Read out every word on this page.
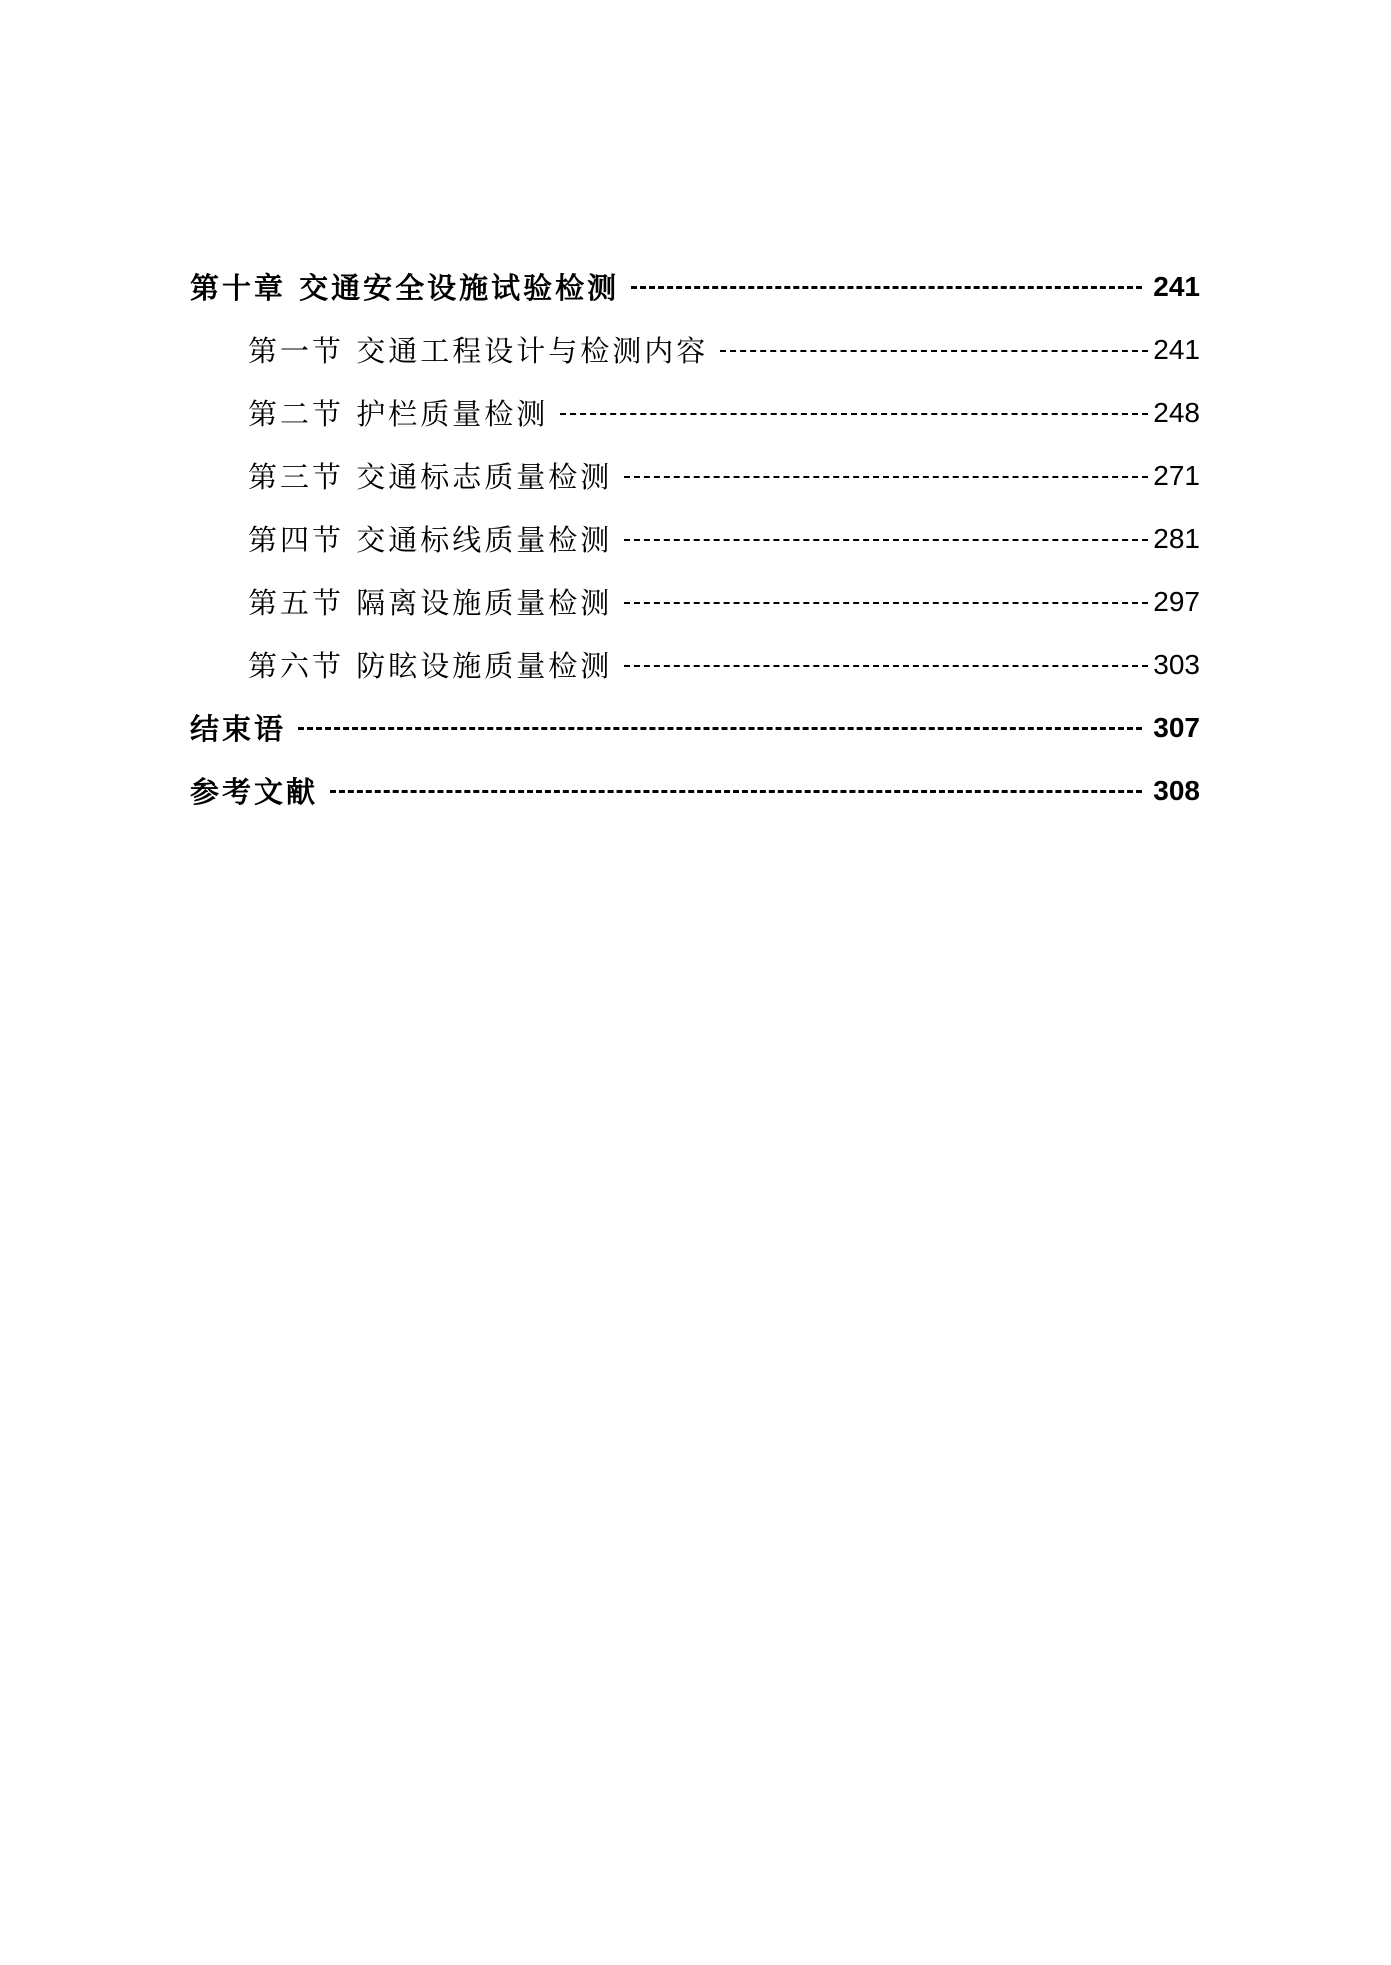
第十章 交通安全设施试验检测	241
第一节 交通工程设计与检测内容	241
第二节 护栏质量检测	248
第三节 交通标志质量检测	271
第四节 交通标线质量检测	281
第五节 隔离设施质量检测	297
第六节 防眩设施质量检测	303
结束语	307
参考文献	308
